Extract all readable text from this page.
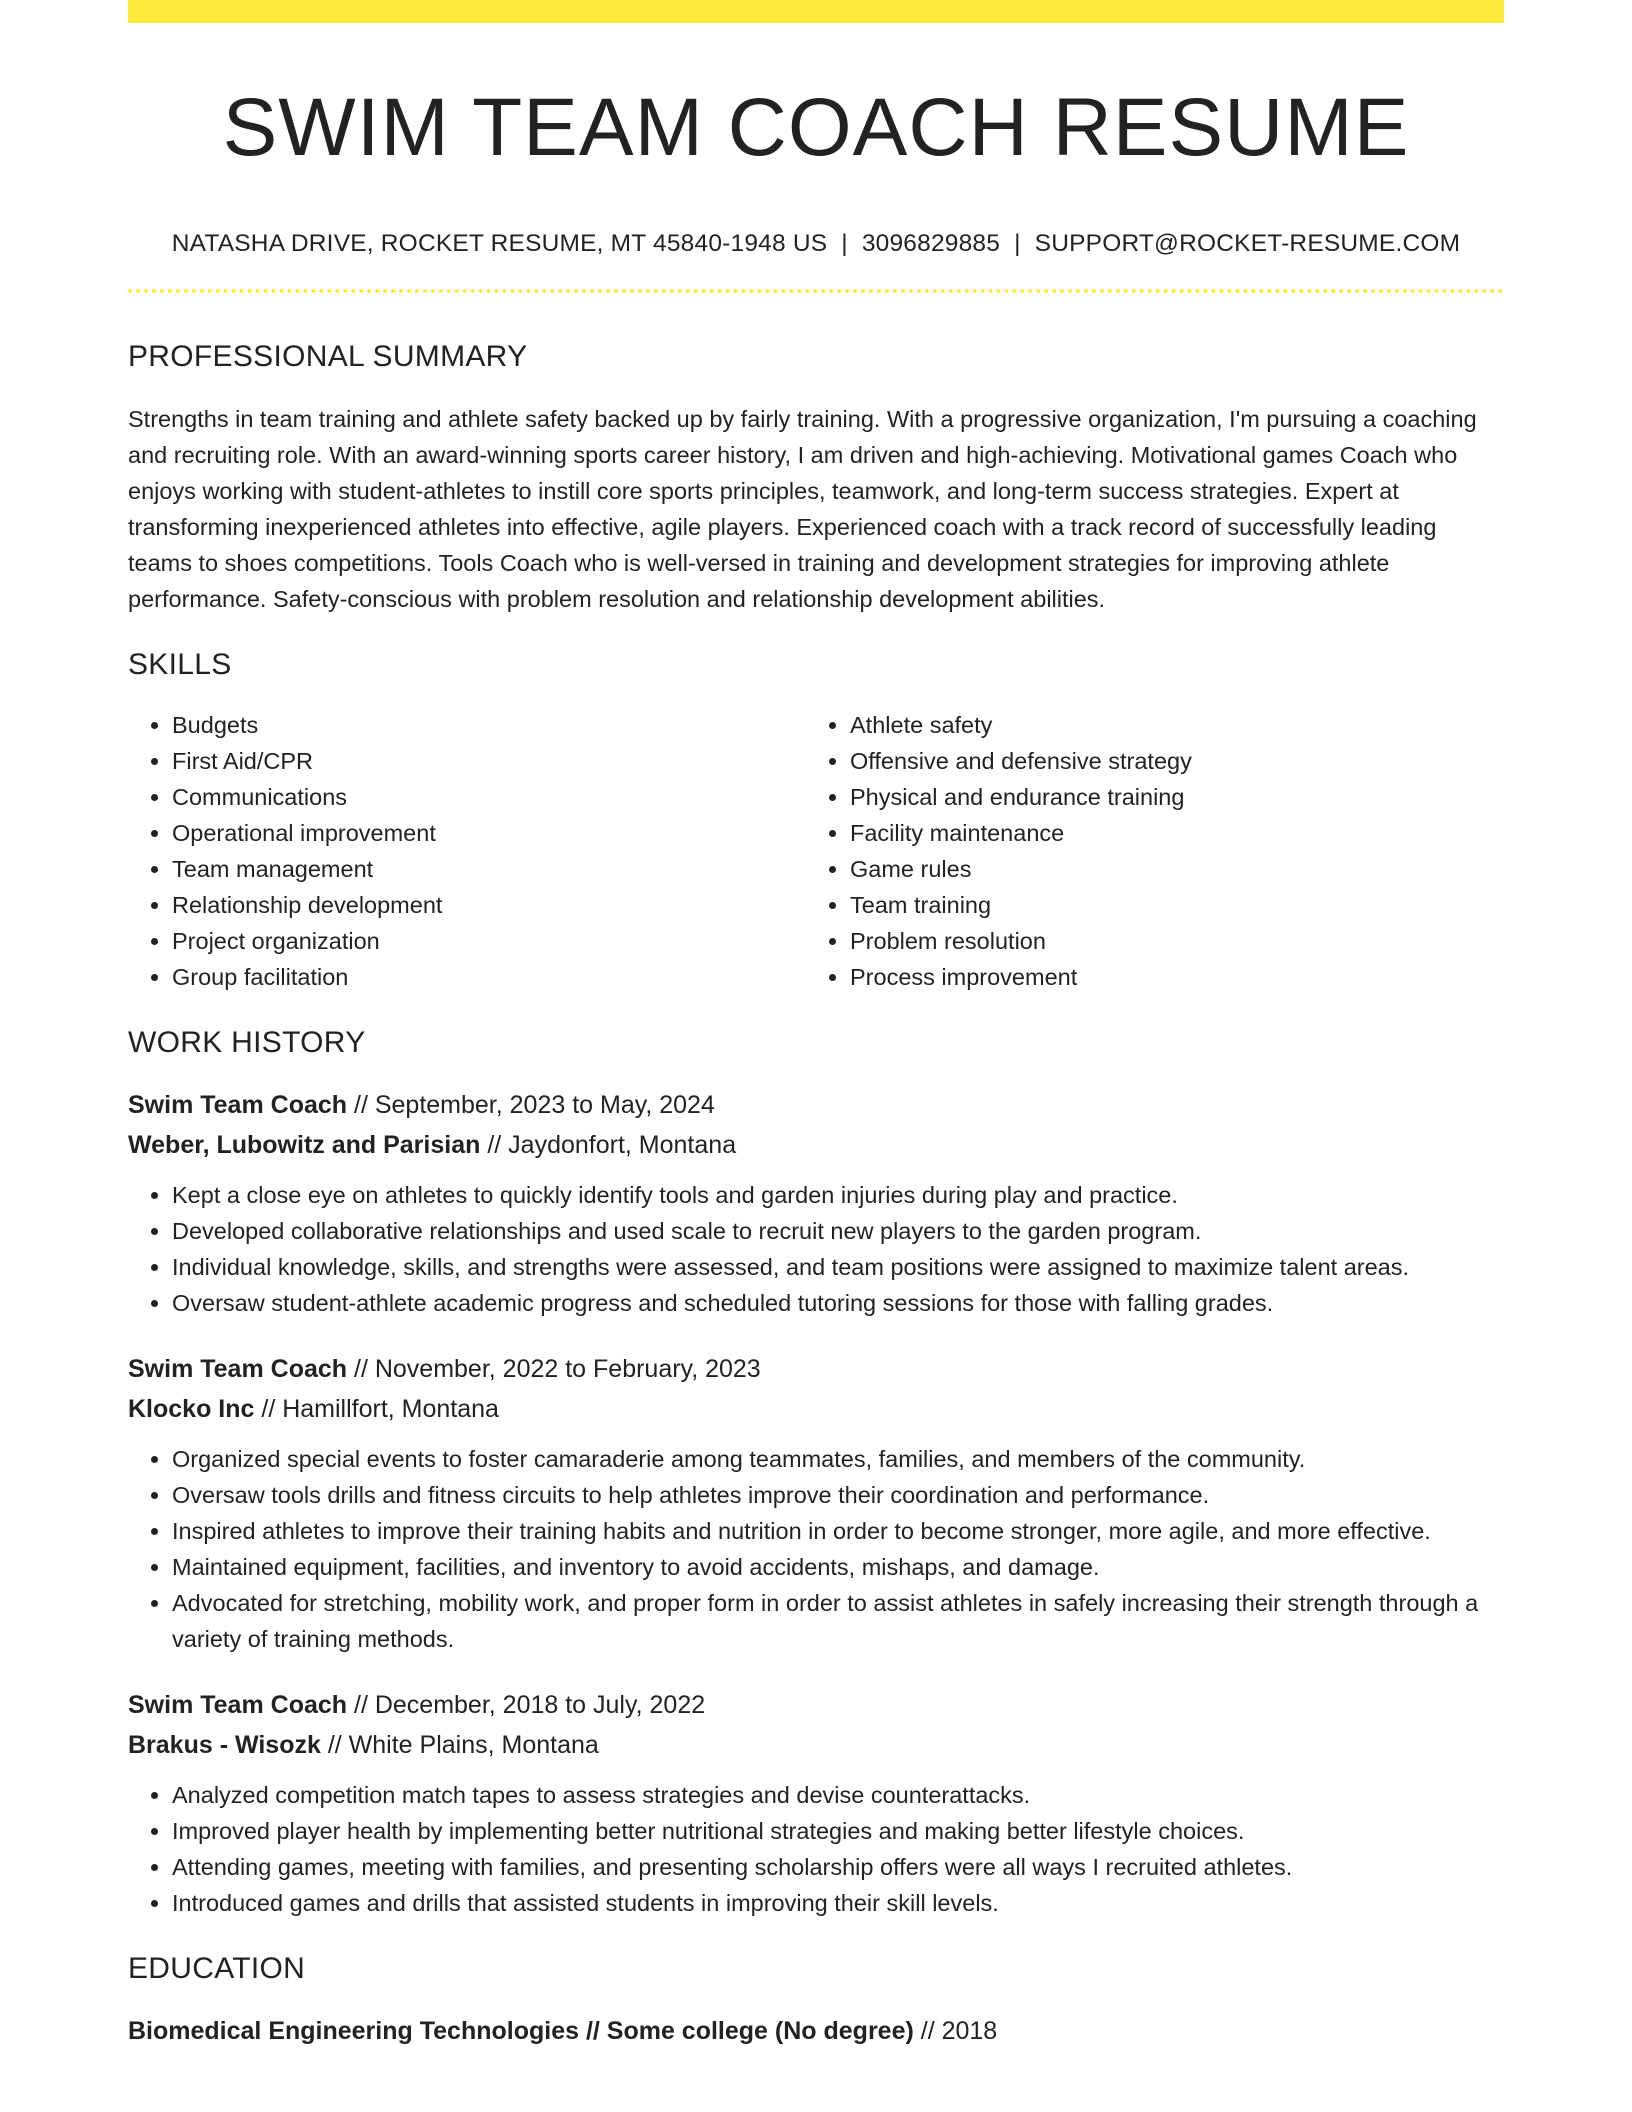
SWIM TEAM COACH RESUME
NATASHA DRIVE, ROCKET RESUME, MT 45840-1948 US | 3096829885 | SUPPORT@ROCKET-RESUME.COM
PROFESSIONAL SUMMARY
Strengths in team training and athlete safety backed up by fairly training. With a progressive organization, I'm pursuing a coaching and recruiting role. With an award-winning sports career history, I am driven and high-achieving. Motivational games Coach who enjoys working with student-athletes to instill core sports principles, teamwork, and long-term success strategies. Expert at transforming inexperienced athletes into effective, agile players. Experienced coach with a track record of successfully leading teams to shoes competitions. Tools Coach who is well-versed in training and development strategies for improving athlete performance. Safety-conscious with problem resolution and relationship development abilities.
SKILLS
• Budgets
• First Aid/CPR
• Communications
• Operational improvement
• Team management
• Relationship development
• Project organization
• Group facilitation
• Athlete safety
• Offensive and defensive strategy
• Physical and endurance training
• Facility maintenance
• Game rules
• Team training
• Problem resolution
• Process improvement
WORK HISTORY
Swim Team Coach // September, 2023 to May, 2024
Weber, Lubowitz and Parisian // Jaydonfort, Montana
• Kept a close eye on athletes to quickly identify tools and garden injuries during play and practice.
• Developed collaborative relationships and used scale to recruit new players to the garden program.
• Individual knowledge, skills, and strengths were assessed, and team positions were assigned to maximize talent areas.
• Oversaw student-athlete academic progress and scheduled tutoring sessions for those with falling grades.
Swim Team Coach // November, 2022 to February, 2023
Klocko Inc // Hamillfort, Montana
• Organized special events to foster camaraderie among teammates, families, and members of the community.
• Oversaw tools drills and fitness circuits to help athletes improve their coordination and performance.
• Inspired athletes to improve their training habits and nutrition in order to become stronger, more agile, and more effective.
• Maintained equipment, facilities, and inventory to avoid accidents, mishaps, and damage.
• Advocated for stretching, mobility work, and proper form in order to assist athletes in safely increasing their strength through a variety of training methods.
Swim Team Coach // December, 2018 to July, 2022
Brakus - Wisozk // White Plains, Montana
• Analyzed competition match tapes to assess strategies and devise counterattacks.
• Improved player health by implementing better nutritional strategies and making better lifestyle choices.
• Attending games, meeting with families, and presenting scholarship offers were all ways I recruited athletes.
• Introduced games and drills that assisted students in improving their skill levels.
EDUCATION
Biomedical Engineering Technologies // Some college (No degree) // 2018
